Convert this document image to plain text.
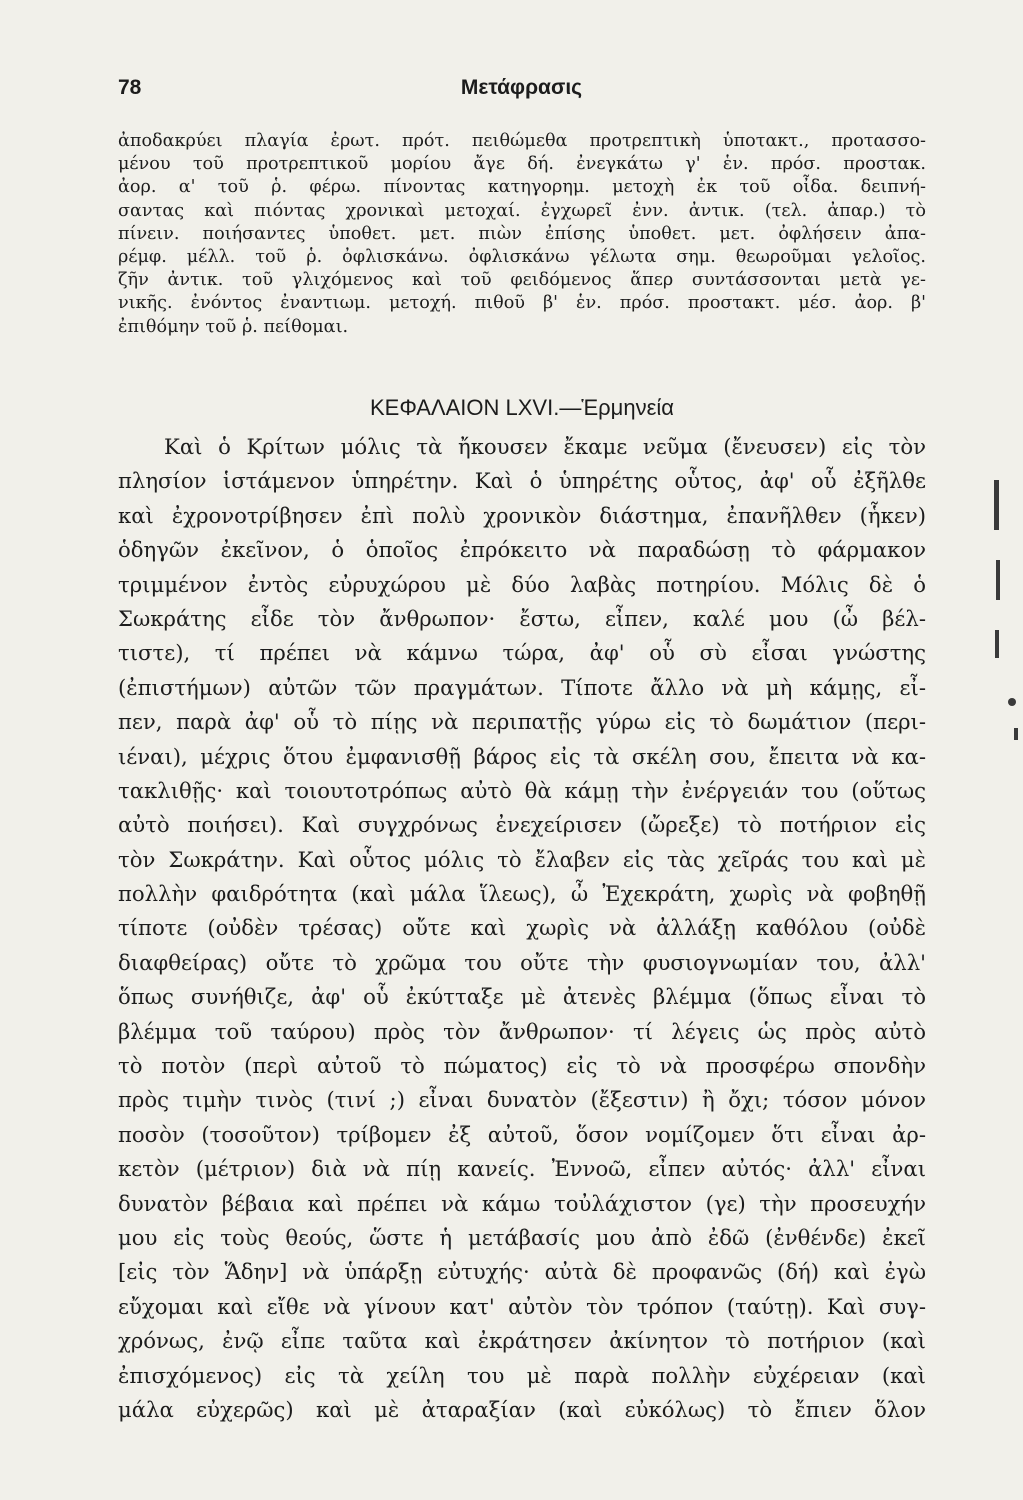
Μετάφρασις
78
ἀποδακρύει πλαγία ἐρωτ. πρότ. πειθώμεθα προτρεπτικὴ ὑποτακτ., προτασσο-
μένου τοῦ προτρεπτικοῦ μορίου ἄγε δή. ἐνεγκάτω γ' ἑν. πρόσ. προστακ.
ἀορ. α' τοῦ ῥ. φέρω. πίνοντας κατηγορημ. μετοχὴ ἐκ τοῦ οἶδα. δειπνή-
σαντας καὶ πιόντας χρονικαὶ μετοχαί. ἐγχωρεῖ ἐνν. ἀντικ. (τελ. ἀπαρ.) τὸ
πίνειν. ποιήσαντες ὑποθετ. μετ. πιὼν ἐπίσης ὑποθετ. μετ. ὀφλήσειν ἀπα-
ρέμφ. μέλλ. τοῦ ῥ. ὀφλισκάνω. ὀφλισκάνω γέλωτα σημ. θεωροῦμαι γελοῖος.
ζῆν ἀντικ. τοῦ γλιχόμενος καὶ τοῦ φειδόμενος ἅπερ συντάσσονται μετὰ γε-
νικῆς. ἐνόντος ἐναντιωμ. μετοχή. πιθοῦ β' ἑν. πρόσ. προστακτ. μέσ. ἀορ. β'
ἐπιθόμην τοῦ ῥ. πείθομαι.
ΚΕΦΑΛΑΙΟΝ LXVI.—Ἑρμηνεία
Καὶ ὁ Κρίτων μόλις τὰ ἤκουσεν ἔκαμε νεῦμα (ἔνευσεν) εἰς τὸν
πλησίον ἱστάμενον ὑπηρέτην. Καὶ ὁ ὑπηρέτης οὗτος, ἀφ' οὗ ἐξῆλθε
καὶ ἐχρονοτρίβησεν ἐπὶ πολὺ χρονικὸν διάστημα, ἐπανῆλθεν (ἧκεν)
ὁδηγῶν ἐκεῖνον, ὁ ὁποῖος ἐπρόκειτο νὰ παραδώσῃ τὸ φάρμακον
τριμμένον ἐντὸς εὐρυχώρου μὲ δύο λαβὰς ποτηρίου. Μόλις δὲ ὁ
Σωκράτης εἶδε τὸν ἄνθρωπον· ἔστω, εἶπεν, καλέ μου (ὦ βέλ-
τιστε), τί πρέπει νὰ κάμνω τώρα, ἀφ' οὗ σὺ εἶσαι γνώστης
(ἐπιστήμων) αὐτῶν τῶν πραγμάτων. Τίποτε ἄλλο νὰ μὴ κάμῃς, εἶ-
πεν, παρὰ ἀφ' οὗ τὸ πίῃς νὰ περιπατῇς γύρω εἰς τὸ δωμάτιον (περι-
ιέναι), μέχρις ὅτου ἐμφανισθῇ βάρος εἰς τὰ σκέλη σου, ἔπειτα νὰ κα-
τακλιθῇς· καὶ τοιουτοτρόπως αὐτὸ θὰ κάμῃ τὴν ἐνέργειάν του (οὕτως
αὐτὸ ποιήσει). Καὶ συγχρόνως ἐνεχείρισεν (ὤρεξε) τὸ ποτήριον εἰς
τὸν Σωκράτην. Καὶ οὗτος μόλις τὸ ἔλαβεν εἰς τὰς χεῖράς του καὶ μὲ
πολλὴν φαιδρότητα (καὶ μάλα ἵλεως), ὦ Ἐχεκράτη, χωρὶς νὰ φοβηθῇ
τίποτε (οὐδὲν τρέσας) οὔτε καὶ χωρὶς νὰ ἀλλάξῃ καθόλου (οὐδὲ
διαφθείρας) οὔτε τὸ χρῶμα του οὔτε τὴν φυσιογνωμίαν του, ἀλλ'
ὅπως συνήθιζε, ἀφ' οὗ ἐκύτταξε μὲ ἀτενὲς βλέμμα (ὅπως εἶναι τὸ
βλέμμα τοῦ ταύρου) πρὸς τὸν ἄνθρωπον· τί λέγεις ὡς πρὸς αὐτὸ
τὸ ποτὸν (περὶ αὐτοῦ τὸ πώματος) εἰς τὸ νὰ προσφέρω σπονδὴν
πρὸς τιμὴν τινὸς (τινί ;) εἶναι δυνατὸν (ἔξεστιν) ἢ ὄχι; τόσον μόνον
ποσὸν (τοσοῦτον) τρίβομεν ἐξ αὐτοῦ, ὅσον νομίζομεν ὅτι εἶναι ἀρ-
κετὸν (μέτριον) διὰ νὰ πίῃ κανείς. Ἐννοῶ, εἶπεν αὐτός· ἀλλ' εἶναι
δυνατὸν βέβαια καὶ πρέπει νὰ κάμω τοὐλάχιστον (γε) τὴν προσευχήν
μου εἰς τοὺς θεούς, ὥστε ἡ μετάβασίς μου ἀπὸ ἐδῶ (ἐνθένδε) ἐκεῖ
[εἰς τὸν Ἅδην] νὰ ὑπάρξῃ εὐτυχής· αὐτὰ δὲ προφανῶς (δή) καὶ ἐγὼ
εὔχομαι καὶ εἴθε νὰ γίνουν κατ' αὐτὸν τὸν τρόπον (ταύτῃ). Καὶ συγ-
χρόνως, ἐνῷ εἶπε ταῦτα καὶ ἐκράτησεν ἀκίνητον τὸ ποτήριον (καὶ
ἐπισχόμενος) εἰς τὰ χείλη του μὲ παρὰ πολλὴν εὐχέρειαν (καὶ
μάλα εὐχερῶς) καὶ μὲ ἀταραξίαν (καὶ εὐκόλως) τὸ ἔπιεν ὅλον
